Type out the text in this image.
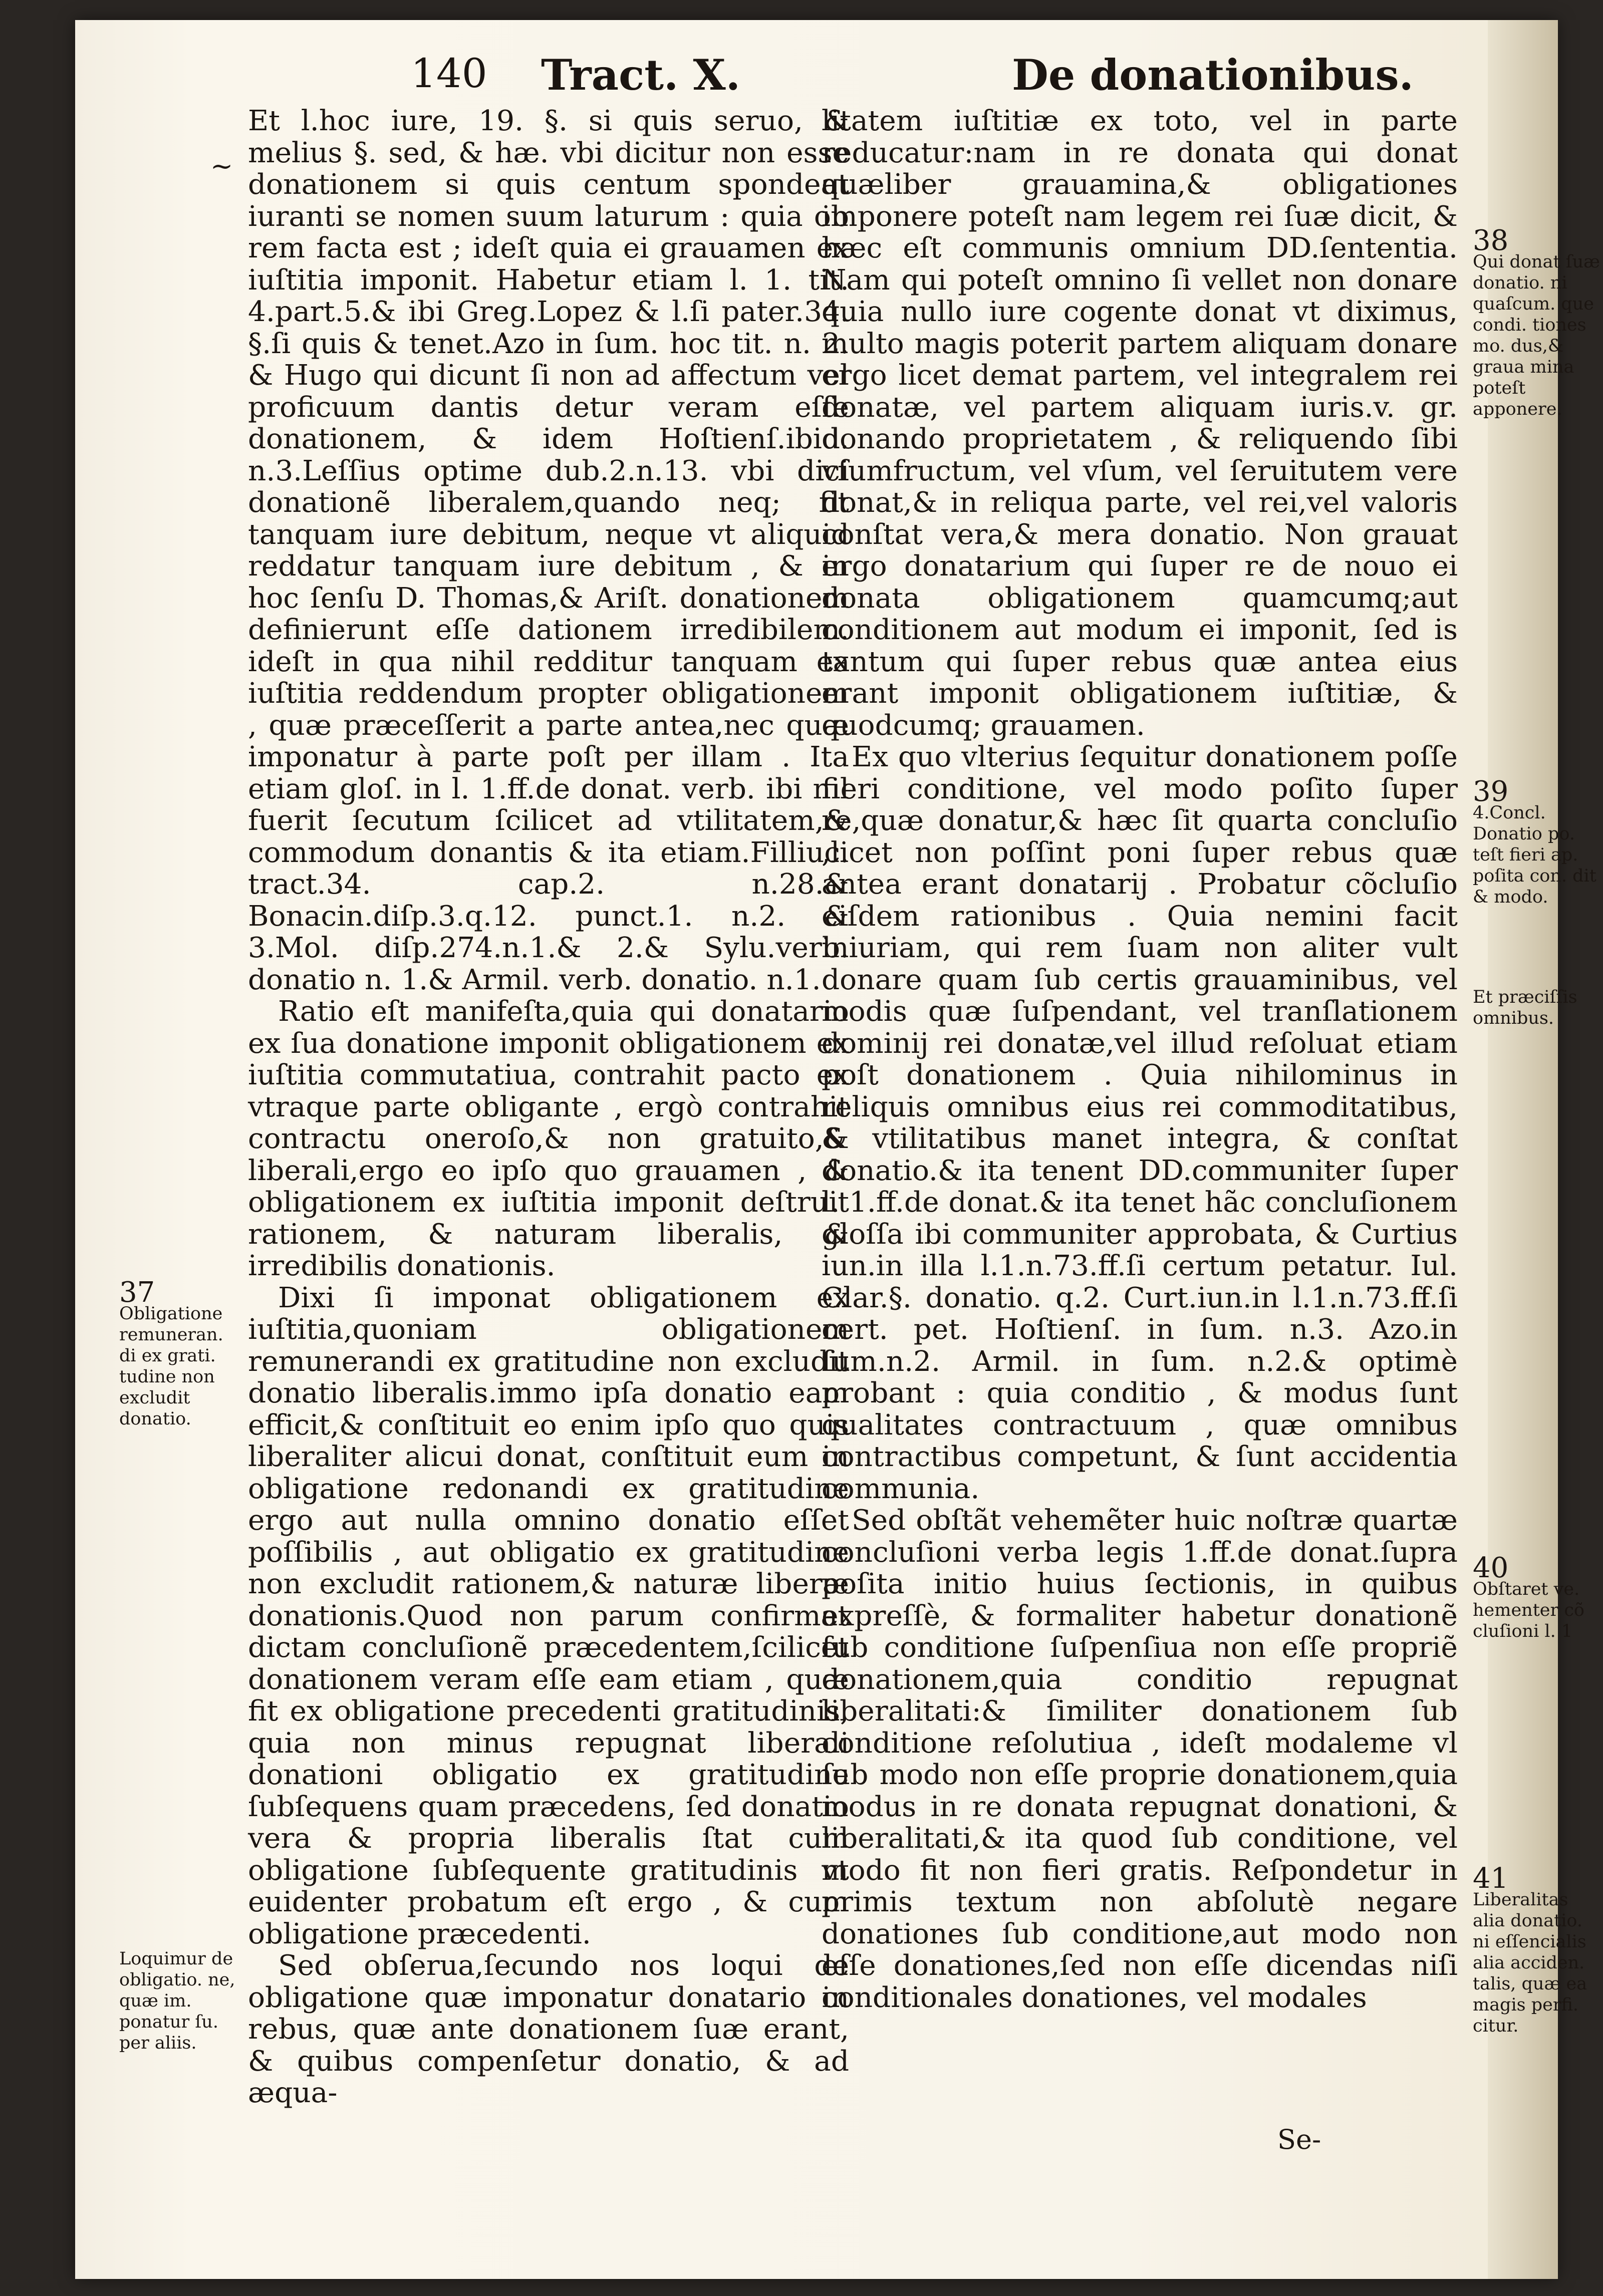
140 Tract. X.	De donationibus.
~

Et l.hoc iure, 19. §. si quis seruo, & melius §. sed, & hæ. vbi dicitur non esse donationem si quis centum spondeat iuranti se nomen suum laturum : quia ob rem facta est ; ideſt quia ei grauamen ex iuſtitia imponit. Habetur etiam l. 1. tit. 4.part.5.& ibi Greg.Lopez & l.ſi pater.34. §.ſi quis & tenet.Azo in ſum. hoc tit. n. 2. & Hugo qui dicunt ſi non ad affectum vel proficuum dantis detur veram eſſe donationem, & idem Hoſtienſ.ibid. n.3.Leſſius optime dub.2.n.13. vbi dici donationẽ liberalem,quando neq; fit tanquam iure debitum, neque vt aliquid reddatur tanquam iure debitum , & in hoc ſenſu D. Thomas,& Ariſt. donationem definierunt eſſe dationem irredibilem. ideſt in qua nihil redditur tanquam ex iuſtitia reddendum propter obligationem , quæ præceſſerit a parte antea,nec quæ imponatur à parte poſt per illam . Ita etiam gloſ. in l. 1.ff.de donat. verb. ibi nil fuerit ſecutum ſcilicet ad vtilitatem,& commodum donantis & ita etiam.Filliuc. tract.34. cap.2. n.28.& Bonacin.diſp.3.q.12. punct.1. n.2. & 3.Mol. diſp.274.n.1.& 2.& Sylu.verb. donatio n. 1.& Armil. verb. donatio. n.1.

Ratio eſt manifeſta,quia qui donatario ex ſua donatione imponit obligationem ex iuſtitia commutatiua, contrahit pacto ex vtraque parte obligante , ergò contrahit contractu oneroſo,& non gratuito,& liberali,ergo eo ipſo quo grauamen , & obligationem ex iuſtitia imponit deſtruit rationem, & naturam liberalis, & irredibilis donationis.

Dixi ſi imponat obligationem ex iuſtitia,quoniam obligationem remunerandi ex gratitudine non excludit donatio liberalis.immo ipſa donatio eam efficit,& conſtituit eo enim ipſo quo quis liberaliter alicui donat, conſtituit eum in obligatione redonandi ex gratitudine ergo aut nulla omnino donatio eſſet poſſibilis , aut obligatio ex gratitudine non excludit rationem,& naturæ liberæ donationis.Quod non parum confirmat dictam concluſionẽ præcedentem,ſcilicet donationem veram eſſe eam etiam , quæ fit ex obligatione precedenti gratitudinis, quia non minus repugnat liberali donationi obligatio ex gratitudine ſubſequens quam præcedens, ſed donatio vera & propria liberalis ſtat cum obligatione ſubſequente gratitudinis vt euidenter probatum eſt ergo , & cum obligatione præcedenti.

Sed obſerua,ſecundo nos loqui de obligatione quæ imponatur donatario in rebus, quæ ante donationem ſuæ erant, & quibus compenſetur donatio, & ad æqua-

litatem iuſtitiæ ex toto, vel in parte reducatur:nam in re donata qui donat quæliber grauamina,& obligationes imponere poteſt nam legem rei ſuæ dicit, & hæc eſt communis omnium DD.ſententia. Nam qui poteſt omnino ſi vellet non donare quia nullo iure cogente donat vt diximus, multo magis poterit partem aliquam donare ergo licet demat partem, vel integralem rei donatæ, vel partem aliquam iuris.v. gr. donando proprietatem , & reliquendo ſibi vſumfructum, vel vſum, vel ſeruitutem vere donat,& in reliqua parte, vel rei,vel valoris conſtat vera,& mera donatio. Non grauat ergo donatarium qui ſuper re de nouo ei donata obligationem quamcumq;aut conditionem aut modum ei imponit, ſed is tantum qui ſuper rebus quæ antea eius erant imponit obligationem iuſtitiæ, & quodcumq; grauamen.

Ex quo vlterius ſequitur donationem poſſe fieri conditione, vel modo poſito ſuper re,quæ donatur,& hæc ſit quarta concluſio ,licet non poſſint poni ſuper rebus quæ antea erant donatarij . Probatur cõcluſio eiſdem rationibus . Quia nemini facit iniuriam, qui rem ſuam non aliter vult donare quam ſub certis grauaminibus, vel modis quæ ſuſpendant, vel tranſlationem dominij rei donatæ,vel illud reſoluat etiam poſt donationem . Quia nihilominus in reliquis omnibus eius rei commoditatibus, & vtilitatibus manet integra, & conſtat donatio.& ita tenent DD.communiter ſuper l. 1.ff.de donat.& ita tenet hãc concluſionem gloſſa ibi communiter approbata, & Curtius iun.in illa l.1.n.73.ff.ſi certum petatur. Iul. Clar.§. donatio. q.2. Curt.iun.in l.1.n.73.ff.ſi cert. pet. Hoſtienſ. in ſum. n.3. Azo.in ſum.n.2. Armil. in ſum. n.2.& optimè probant : quia conditio , & modus ſunt qualitates contractuum , quæ omnibus contractibus competunt, & ſunt accidentia communia.

Sed obſtãt vehemẽter huic noſtræ quartæ concluſioni verba legis 1.ff.de donat.ſupra poſita initio huius ſectionis, in quibus expreſſè, & formaliter habetur donationẽ ſub conditione ſuſpenſiua non eſſe propriẽ donationem,quia conditio repugnat liberalitati:& ſimiliter donationem ſub conditione reſolutiua , ideſt modaleme vl ſub modo non eſſe proprie donationem,quia modus in re donata repugnat donationi, & liberalitati,& ita quod ſub conditione, vel modo fit non fieri gratis. Reſpondetur in primis textum non abſolutè negare donationes ſub conditione,aut modo non eſſe donationes,ſed non eſſe dicendas niſi conditionales donationes, vel modales

37
Obligatione remuneran. di ex grati. tudine non excludit donatio.
Loquimur de obligatio. ne, quæ im. ponatur ſu. per aliis.
38
Qui donat ſuæ donatio. ni quaſcum. que condi. tiones mo. dus,& graua mina poteſt apponere.
39
4.Concl. Donatio po. teſt fieri ap. poſita con. dit & modo.
Et præciſſis omnibus.
40
Obſtaret ve. hementer cõ cluſioni l. 1
41
Liberalitas alia donatio. ni eſſencialis alia acciden. talis, quæ ea magis perfi. citur.
Se-
